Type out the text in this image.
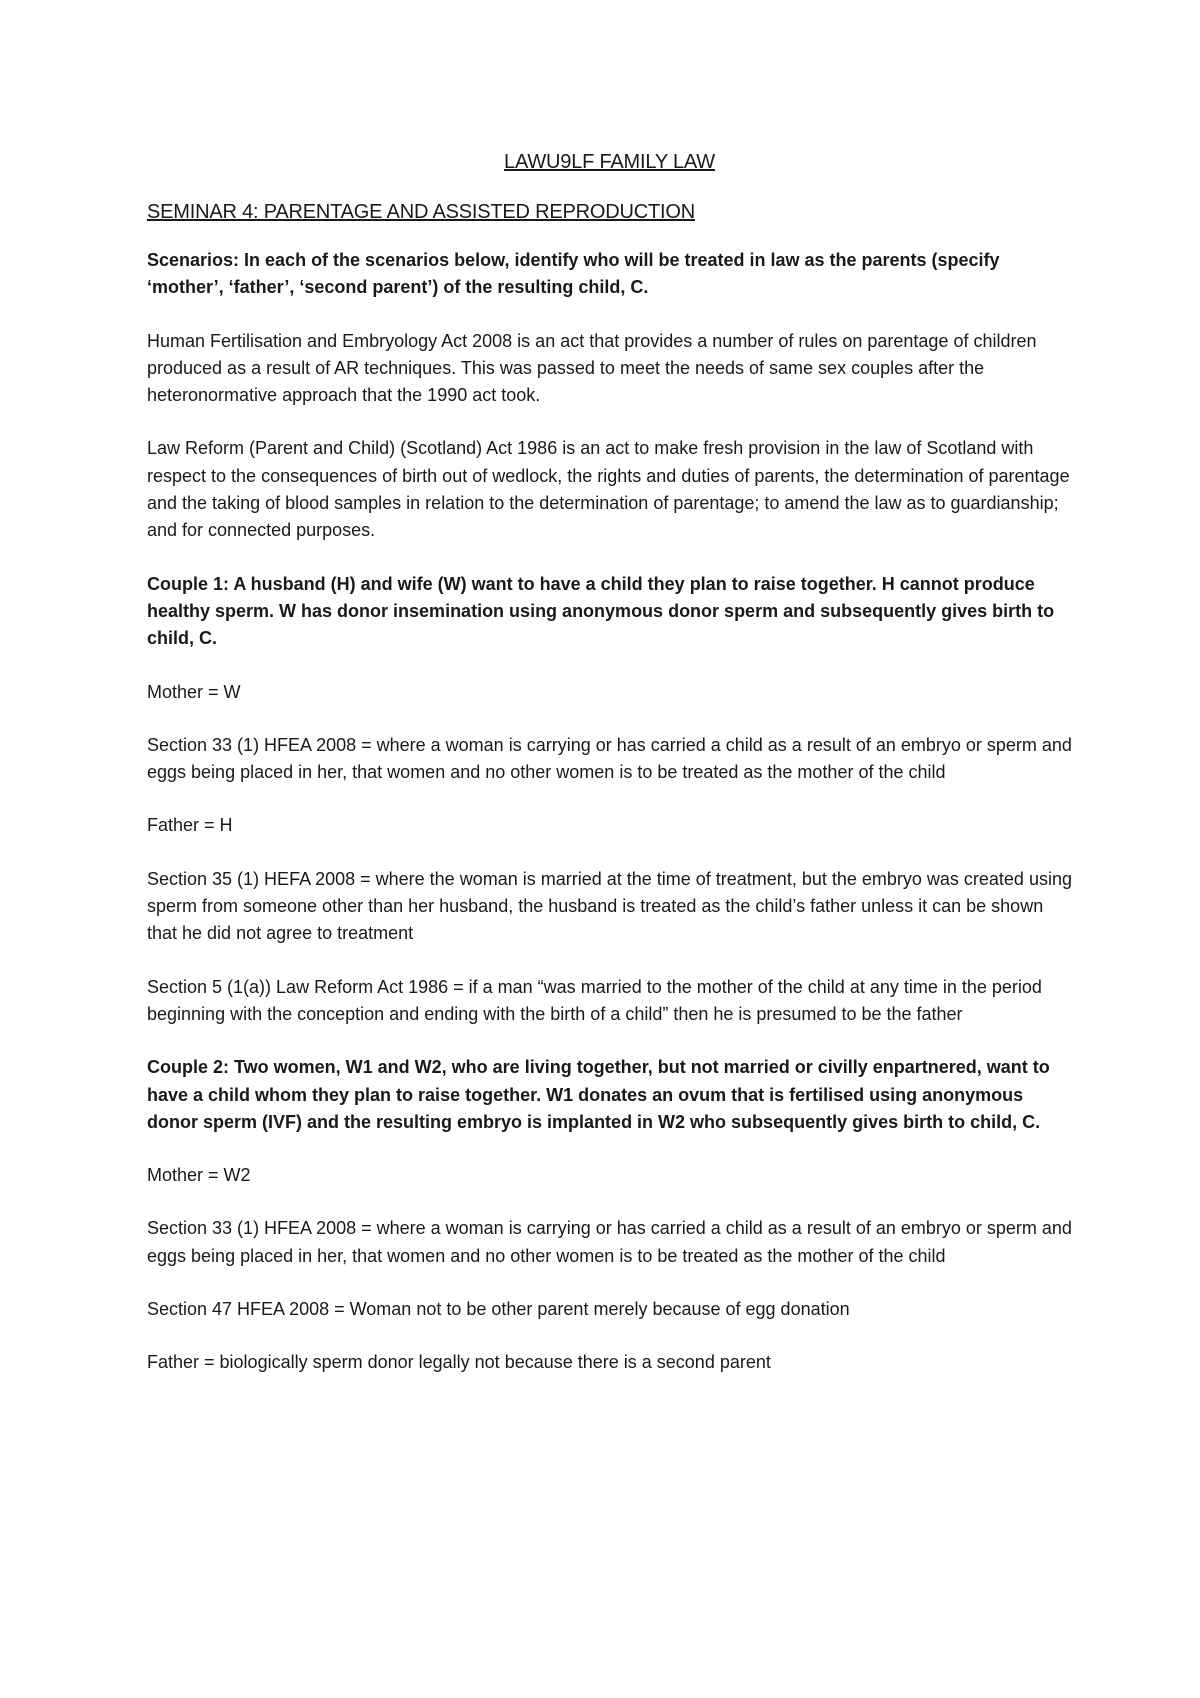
LAWU9LF FAMILY LAW
SEMINAR 4: PARENTAGE AND ASSISTED REPRODUCTION

Scenarios: In each of the scenarios below, identify who will be treated in law as the parents (specify ‘mother’, ‘father’, ‘second parent’) of the resulting child, C.

Human Fertilisation and Embryology Act 2008 is an act that provides a number of rules on parentage of children produced as a result of AR techniques. This was passed to meet the needs of same sex couples after the heteronormative approach that the 1990 act took.

Law Reform (Parent and Child) (Scotland) Act 1986 is an act to make fresh provision in the law of Scotland with respect to the consequences of birth out of wedlock, the rights and duties of parents, the determination of parentage and the taking of blood samples in relation to the determination of parentage; to amend the law as to guardianship; and for connected purposes.

Couple 1: A husband (H) and wife (W) want to have a child they plan to raise together. H cannot produce healthy sperm. W has donor insemination using anonymous donor sperm and subsequently gives birth to child, C.

Mother = W

Section 33 (1) HFEA 2008 = where a woman is carrying or has carried a child as a result of an embryo or sperm and eggs being placed in her, that women and no other women is to be treated as the mother of the child

Father = H

Section 35 (1) HEFA 2008 = where the woman is married at the time of treatment, but the embryo was created using sperm from someone other than her husband, the husband is treated as the child’s father unless it can be shown that he did not agree to treatment

Section 5 (1(a)) Law Reform Act 1986 = if a man “was married to the mother of the child at any time in the period beginning with the conception and ending with the birth of a child” then he is presumed to be the father

Couple 2: Two women, W1 and W2, who are living together, but not married or civilly enpartnered, want to have a child whom they plan to raise together. W1 donates an ovum that is fertilised using anonymous donor sperm (IVF) and the resulting embryo is implanted in W2 who subsequently gives birth to child, C.

Mother = W2

Section 33 (1) HFEA 2008 = where a woman is carrying or has carried a child as a result of an embryo or sperm and eggs being placed in her, that women and no other women is to be treated as the mother of the child

Section 47 HFEA 2008 = Woman not to be other parent merely because of egg donation

Father = biologically sperm donor legally not because there is a second parent
